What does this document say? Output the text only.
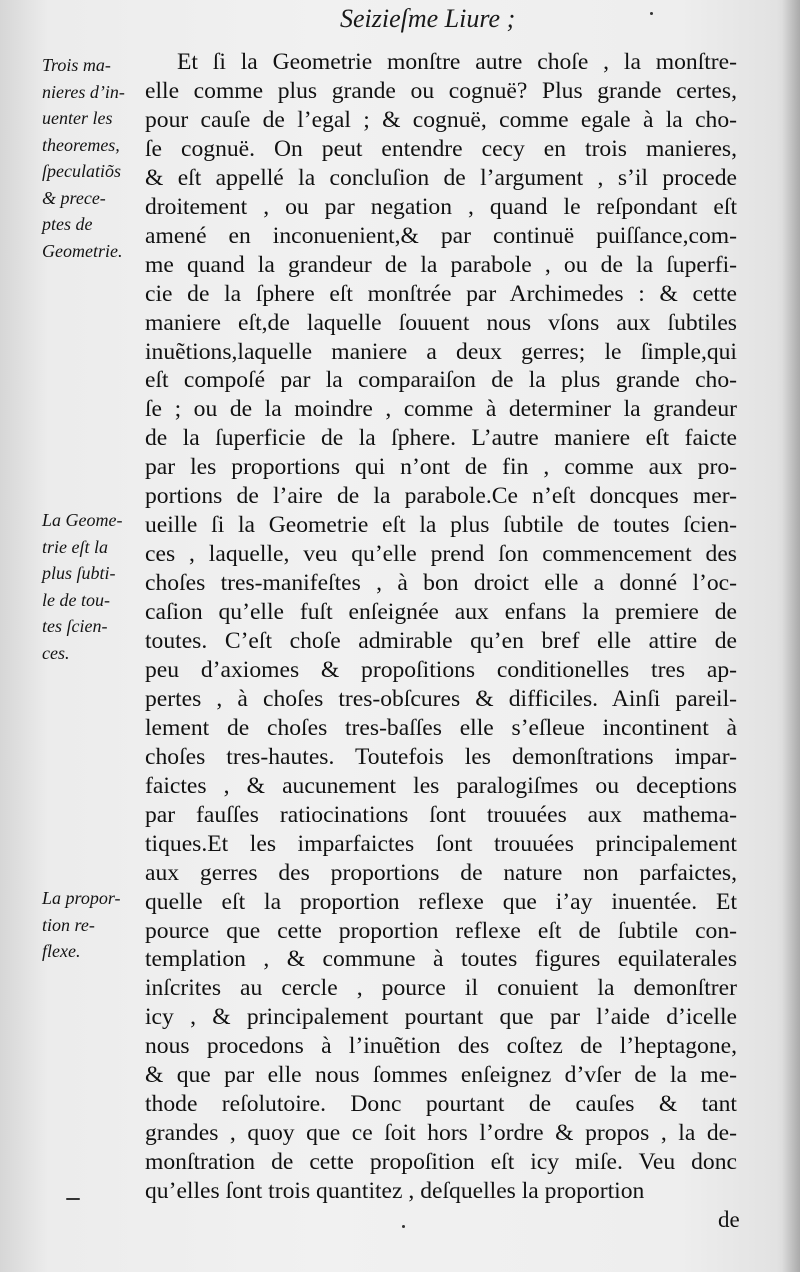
Seizieſme Liure ;
Et ſi la Geometrie monſtre autre choſe , la monſtre-
elle comme plus grande ou cognuë? Plus grande certes,
pour cauſe de l’egal ; & cognuë, comme egale à la cho-
ſe cognuë. On peut entendre cecy en trois manieres,
& eſt appellé la concluſion de l’argument , s’il procede
droitement , ou par negation , quand le reſpondant eſt
amené en inconuenient,& par continuë puiſſance,com-
me quand la grandeur de la parabole , ou de la ſuperfi-
cie de la ſphere eſt monſtrée par Archimedes : & cette
maniere eſt,de laquelle ſouuent nous vſons aux ſubtiles
inuẽtions,laquelle maniere a deux gerres; le ſimple,qui
eſt compoſé par la comparaiſon de la plus grande cho-
ſe ; ou de la moindre , comme à determiner la grandeur
de la ſuperficie de la ſphere. L’autre maniere eſt faicte
par les proportions qui n’ont de fin , comme aux pro-
portions de l’aire de la parabole.Ce n’eſt doncques mer-
ueille ſi la Geometrie eſt la plus ſubtile de toutes ſcien-
ces , laquelle, veu qu’elle prend ſon commencement des
choſes tres-manifeſtes , à bon droict elle a donné l’oc-
caſion qu’elle fuſt enſeignée aux enfans la premiere de
toutes. C’eſt choſe admirable qu’en bref elle attire de
peu d’axiomes & propoſitions conditionelles tres ap-
pertes , à choſes tres-obſcures & difficiles. Ainſi pareil-
lement de choſes tres-baſſes elle s’eſleue incontinent à
choſes tres-hautes. Toutefois les demonſtrations impar-
faictes , & aucunement les paralogiſmes ou deceptions
par fauſſes ratiocinations ſont trouuées aux mathema-
tiques.Et les imparfaictes ſont trouuées principalement
aux gerres des proportions de nature non parfaictes,
quelle eſt la proportion reflexe que i’ay inuentée. Et
pource que cette proportion reflexe eſt de ſubtile con-
templation , & commune à toutes figures equilaterales
inſcrites au cercle , pource il conuient la demonſtrer
icy , & principalement pourtant que par l’aide d’icelle
nous procedons à l’inuẽtion des coſtez de l’heptagone,
& que par elle nous ſommes enſeignez d’vſer de la me-
thode reſolutoire. Donc pourtant de cauſes & tant
grandes , quoy que ce ſoit hors l’ordre & propos , la de-
monſtration de cette propoſition eſt icy miſe. Veu donc
qu’elles ſont trois quantitez , deſquelles la proportion
Trois ma-
nieres d’in-
uenter les
theoremes,
ſpeculatiõs
& prece-
ptes de
Geometrie.
La Geome-
trie eſt la
plus ſubti-
le de tou-
tes ſcien-
ces.
La propor-
tion re-
flexe.
de
